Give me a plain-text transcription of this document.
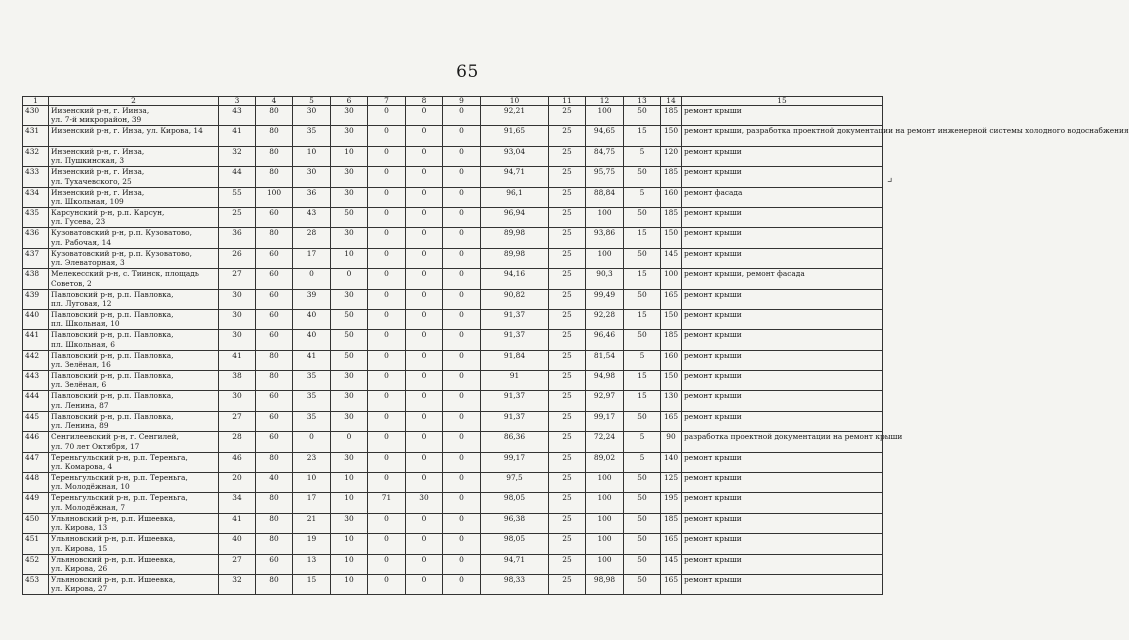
65
1	2	3	4	5	6	7	8	9	10	11	12	13	14	15
430	Иизенский р-н, г. Иинза,
ул. 7-й микрорайон, 39	43	80	30	30	0	0	0	92,21	25	100	50	185	ремонт крыши
431	Иизенский р-н, г. Инза, ул. Кирова, 14	41	80	35	30	0	0	0	91,65	25	94,65	15	150	ремонт крыши, разработка проектной документации на ремонт инженерной системы холодного водоснабжения
432	Инзенский р-н, г. Инза,
ул. Пушкинская, 3	32	80	10	10	0	0	0	93,04	25	84,75	5	120	ремонт крыши
433	Инзенский р-н, г. Инза,
ул. Тухачевского, 25	44	80	30	30	0	0	0	94,71	25	95,75	50	185	ремонт крыши
434	Инзенский р-н, г. Инза,
ул. Школьная, 109	55	100	36	30	0	0	0	96,1	25	88,84	5	160	ремонт фасада
435	Карсунский р-н, р.п. Карсун,
ул. Гусева, 23	25	60	43	50	0	0	0	96,94	25	100	50	185	ремонт крыши
436	Кузоватовский р-н, р.п. Кузоватово,
ул. Рабочая, 14	36	80	28	30	0	0	0	89,98	25	93,86	15	150	ремонт крыши
437	Кузоватовский р-н, р.п. Кузоватово,
ул. Элеваторная, 3	26	60	17	10	0	0	0	89,98	25	100	50	145	ремонт крыши
438	Мелекесский р-н, с. Тиинск, площадь
Советов, 2	27	60	0	0	0	0	0	94,16	25	90,3	15	100	ремонт крыши, ремонт фасада
439	Павловский р-н, р.п. Павловка,
пл. Луговая, 12	30	60	39	30	0	0	0	90,82	25	99,49	50	165	ремонт крыши
440	Павловский р-н, р.п. Павловка,
пл. Школьная, 10	30	60	40	50	0	0	0	91,37	25	92,28	15	150	ремонт крыши
441	Павловский р-н, р.п. Павловка,
пл. Школьная, 6	30	60	40	50	0	0	0	91,37	25	96,46	50	185	ремонт крыши
442	Павловский р-н, р.п. Павловка,
ул. Зелёная, 16	41	80	41	50	0	0	0	91,84	25	81,54	5	160	ремонт крыши
443	Павловский р-н, р.п. Павловка,
ул. Зелёная, 6	38	80	35	30	0	0	0	91	25	94,98	15	150	ремонт крыши
444	Павловский р-н, р.п. Павловка,
ул. Ленина, 87	30	60	35	30	0	0	0	91,37	25	92,97	15	130	ремонт крыши
445	Павловский р-н, р.п. Павловка,
ул. Ленина, 89	27	60	35	30	0	0	0	91,37	25	99,17	50	165	ремонт крыши
446	Сенгилеевский р-н, г. Сенгилей,
ул. 70 лет Октября, 17	28	60	0	0	0	0	0	86,36	25	72,24	5	90	разработка проектной документации на ремонт крыши
447	Тереньгульский р-н, р.п. Тереньга,
ул. Комарова, 4	46	80	23	30	0	0	0	99,17	25	89,02	5	140	ремонт крыши
448	Тереньгульский р-н, р.п. Тереньга,
ул. Молодёжная, 10	20	40	10	10	0	0	0	97,5	25	100	50	125	ремонт крыши
449	Тереньгульский р-н, р.п. Тереньга,
ул. Молодёжная, 7	34	80	17	10	71	30	0	98,05	25	100	50	195	ремонт крыши
450	Ульяновский р-н, р.п. Ишеевка,
ул. Кирова, 13	41	80	21	30	0	0	0	96,38	25	100	50	185	ремонт крыши
451	Ульяновский р-н, р.п. Ишеевка,
ул. Кирова, 15	40	80	19	10	0	0	0	98,05	25	100	50	165	ремонт крыши
452	Ульяновский р-н, р.п. Ишеевка,
ул. Кирова, 26	27	60	13	10	0	0	0	94,71	25	100	50	145	ремонт крыши
453	Ульяновский р-н, р.п. Ишеевка,
ул. Кирова, 27	32	80	15	10	0	0	0	98,33	25	98,98	50	165	ремонт крыши
⌟
